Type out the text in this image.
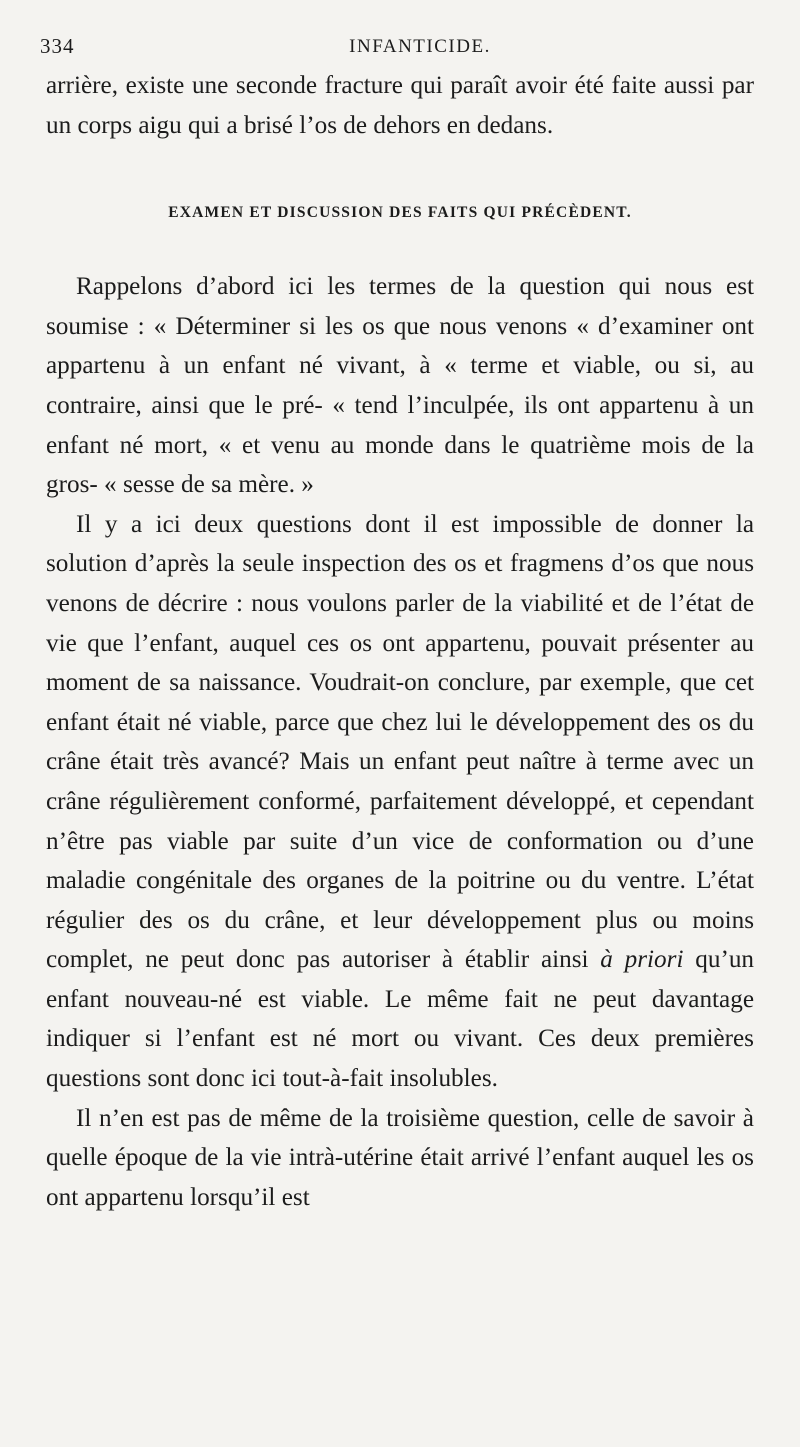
334	INFANTICIDE.

arrière, existe une seconde fracture qui paraît avoir été faite aussi par un corps aigu qui a brisé l’os de dehors en dedans.

EXAMEN ET DISCUSSION DES FAITS QUI PRÉCÈDENT.

Rappelons d’abord ici les termes de la question qui nous est soumise : « Déterminer si les os que nous venons « d’examiner ont appartenu à un enfant né vivant, à « terme et viable, ou si, au contraire, ainsi que le pré- « tend l’inculpée, ils ont appartenu à un enfant né mort, « et venu au monde dans le quatrième mois de la gros- « sesse de sa mère. »

Il y a ici deux questions dont il est impossible de donner la solution d’après la seule inspection des os et fragmens d’os que nous venons de décrire : nous voulons parler de la viabilité et de l’état de vie que l’enfant, auquel ces os ont appartenu, pouvait présenter au moment de sa naissance. Voudrait-on conclure, par exemple, que cet enfant était né viable, parce que chez lui le développement des os du crâne était très avancé? Mais un enfant peut naître à terme avec un crâne régulièrement conformé, parfaitement développé, et cependant n’être pas viable par suite d’un vice de conformation ou d’une maladie congénitale des organes de la poitrine ou du ventre. L’état régulier des os du crâne, et leur développement plus ou moins complet, ne peut donc pas autoriser à établir ainsi à priori qu’un enfant nouveau-né est viable. Le même fait ne peut davantage indiquer si l’enfant est né mort ou vivant. Ces deux premières questions sont donc ici tout-à-fait insolubles.

Il n’en est pas de même de la troisième question, celle de savoir à quelle époque de la vie intrà-utérine était arrivé l’enfant auquel les os ont appartenu lorsqu’il est
